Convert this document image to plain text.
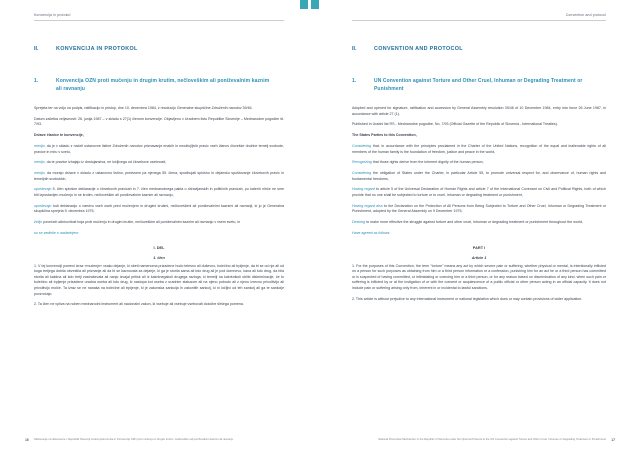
Konvencija in protokol	Convention and protocol
II.	KONVENCIJA IN PROTOKOL
1.	Konvencija OZN proti mučenju in drugim krutim, nečloveškim ali poniževalnim kaznim ali ravnanju

Sprejeta ter na voljo za podpis, ratifikacijo in pristop, dne 10. decembra 1984, z resolucijo Generalne skupščine Združenih narodov 39/46.

Datum začetka veljavnosti: 26. junija 1987 – v skladu s 27(1) členom konvencije. Objavljeno v Uradnem listu Republike Slovenije – Mednarodne pogodbe št. 7/93.

Države članice te konvencije,

menijo, da je v skladu z načeli ustanovne listine Združenih narodov priznavanje enakih in neodtujljivih pravic vseh članov človeške družine temelj svobode, pravice in miru v svetu,

menijo, da te pravice izhajajo iz dostojanstva, ne ločljivega od človekove osebnosti,

menijo, da morajo države v skladu z ustanovno listino, predvsem pa njenega 55. člena, spodbujati splošno in dejansko spoštovanje človekovih pravic in temeljnih svoboščin,

upoštevajo 5. člen splošne deklaracije o človekovih pravicah in 7. člen mednarodnega pakta o državljanskih in političnih pravicah, po katerih nihče ne sme biti izpostavljen mučenju in ne krutim, nečloveškim ali poniževalnim kaznim ali ravnanju,

upoštevajo tudi deklaracijo o varstvu vseh oseb pred mučenjem in drugimi krutimi, nečloveškimi ali poniževalnimi kaznimi ali ravnanji, ki jo je Generalna skupščina sprejela 9. decembra 1975,

želijo povečati učinkovitost boja proti mučenju in drugim krutim, nečloveškim ali poniževalnim kaznim ali ravnanju v vsem svetu, in

so se zedinile o naslednjem:

I. DEL
1. člen

1. V tej konvenciji pomeni izraz »mučenje« vsako dejanje, ki obeti namenoma prizadene hudo telesno ali duševno, bolečino ali trpljenje, da bi se od nje ali od koga tretjega dobila obvestila ali priznanje ali da bi se kaznovala za dejanje, ki ga je storila sama ali kdo drug ali je pod domnevo, kana ali kdo drug, da bila storila ali kakšna ali kdo tretji zastraševala ali nanjo izvajal pritisk ali iz kakršnegakoli drugega razloga, ki temelji na kakršnikoli obliki diskriminacije, če to bolečino ali trpljenje prizadene uradna oseba ali kdo drug, ki nastopa kot oseba z uradnim statusom ali na njeno pobudo ali z njeno izrecno privolitvijo ali privolitvijo molče. Ta izraz se ne nanaša na bolečine ali trpljenje, ki je zakonska sankcija in zakonitih sankcij, ki ni ločljivi od teh sankcij ali ga te sankcije povzročajo.

2. Ta člen ne vpliva na noben mednarodni instrument ali nacionalni zakon, ki vsebuje ali vsebuje vsebovati določbe širšega pomena.

II.	CONVENTION AND PROTOCOL
1.	UN Convention against Torture and Other Cruel, Inhuman or Degrading Treatment or Punishment

Adopted and opened for signature, ratification and accession by General Assembly resolution 39/46 of 10 December 1984, entry into force 26 June 1987, in accordance with article 27 (1).

Published in Uradni list RS - Mednarodne pogodbe, No. 7/93 (Official Gazette of the Republic of Slovenia - International Treaties).

The States Parties to this Convention,

Considering that, in accordance with the principles proclaimed in the Charter of the United Nations, recognition of the equal and inalienable rights of all members of the human family is the foundation of freedom, justice and peace in the world,

Recognizing that those rights derive from the inherent dignity of the human person,

Considering the obligation of States under the Charter, in particular Article 55, to promote universal respect for, and observance of, human rights and fundamental freedoms,

Having regard to article 5 of the Universal Declaration of Human Rights and article 7 of the International Covenant on Civil and Political Rights, both of which provide that no one shall be subjected to torture or to cruel, inhuman or degrading treatment or punishment,

Having regard also to the Declaration on the Protection of All Persons from Being Subjected to Torture and Other Cruel, Inhuman or Degrading Treatment or Punishment, adopted by the General Assembly on 9 December 1975,

Desiring to make more effective the struggle against torture and other cruel, inhuman or degrading treatment or punishment throughout the world,

Have agreed as follows:

PART I
Article 1

1. For the purposes of this Convention, the term "torture" means any act by which severe pain or suffering, whether physical or mental, is intentionally inflicted on a person for such purposes as obtaining from him or a third person information or a confession, punishing him for an act he or a third person has committed or is suspected of having committed, or intimidating or coercing him or a third person, or for any reason based on discrimination of any kind, when such pain or suffering is inflicted by or at the instigation of or with the consent or acquiescence of a public official or other person acting in an official capacity. It does not include pain or suffering arising only from, inherent in or incidental to lawful sanctions.

2. This article is without prejudice to any international instrument or national legislation which does or may contain provisions of wider application.

Sklicevanje na dokumente v Republiki Sloveniji za Evropski komite in Konvencijo OZN proti mučenju in drugim krutim, nečloveškim ali poniževalnim kaznim ali ravnanju	National Preventive Mechanism in the Republic of Slovenia under the Optional Protocol to the UN Convention against Torture and Other Cruel, Inhuman or Degrading Treatment or Punishment
16	17
